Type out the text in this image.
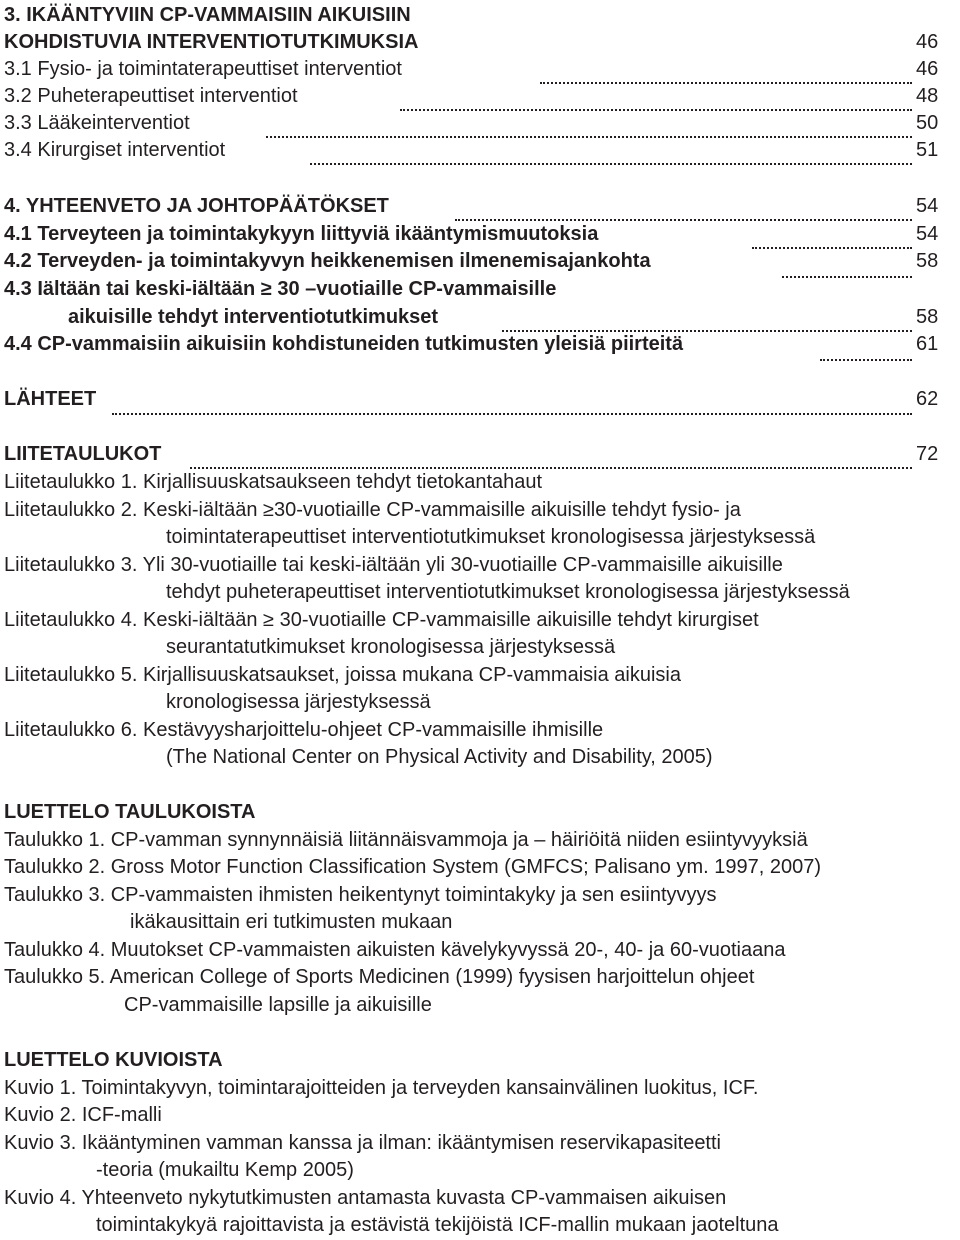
3. IKÄÄNTYVIIN CP-VAMMAISIIN AIKUISIIN
KOHDISTUVIA INTERVENTIOTUTKIMUKSIA	46
3.1 Fysio- ja toimintaterapeuttiset interventiot	46
3.2 Puheterapeuttiset interventiot	48
3.3 Lääkeinterventiot	50
3.4 Kirurgiset interventiot	51
4. YHTEENVETO JA JOHTOPÄÄTÖKSET	54
4.1 Terveyteen ja toimintakykyyn liittyviä ikääntymismuutoksia	54
4.2 Terveyden- ja toimintakyvyn heikkenemisen ilmenemisajankohta	58
4.3 Iältään tai keski-iältään ≥ 30 –vuotiaille CP-vammaisille
aikuisille tehdyt interventiotutkimukset	58
4.4 CP-vammaisiin aikuisiin kohdistuneiden tutkimusten yleisiä piirteitä	61
LÄHTEET	62
LIITETAULUKOT	72
Liitetaulukko 1. Kirjallisuuskatsaukseen tehdyt tietokantahaut
Liitetaulukko 2. Keski-iältään ≥30-vuotiaille CP-vammaisille aikuisille tehdyt fysio- ja
toimintaterapeuttiset interventiotutkimukset kronologisessa järjestyksessä
Liitetaulukko 3. Yli 30-vuotiaille tai keski-iältään yli 30-vuotiaille CP-vammaisille aikuisille
tehdyt puheterapeuttiset interventiotutkimukset kronologisessa järjestyksessä
Liitetaulukko 4. Keski-iältään ≥ 30-vuotiaille CP-vammaisille aikuisille tehdyt kirurgiset
seurantatutkimukset kronologisessa järjestyksessä
Liitetaulukko 5. Kirjallisuuskatsaukset, joissa mukana CP-vammaisia aikuisia
kronologisessa järjestyksessä
Liitetaulukko 6. Kestävyysharjoittelu-ohjeet CP-vammaisille ihmisille
(The National Center on Physical Activity and Disability, 2005)
LUETTELO TAULUKOISTA
Taulukko 1. CP-vamman synnynnäisiä liitännäisvammoja ja – häiriöitä niiden esiintyvyyksiä
Taulukko 2. Gross Motor Function Classification System (GMFCS; Palisano ym. 1997, 2007)
Taulukko 3. CP-vammaisten ihmisten heikentynyt toimintakyky ja sen esiintyvyys
ikäkausittain eri tutkimusten mukaan
Taulukko 4. Muutokset CP-vammaisten aikuisten kävelykyvyssä 20-, 40- ja 60-vuotiaana
Taulukko 5. American College of Sports Medicinen (1999) fyysisen harjoittelun ohjeet
CP-vammaisille lapsille ja aikuisille
LUETTELO KUVIOISTA
Kuvio 1. Toimintakyvyn, toimintarajoitteiden ja terveyden kansainvälinen luokitus, ICF.
Kuvio 2. ICF-malli
Kuvio 3. Ikääntyminen vamman kanssa ja ilman: ikääntymisen reservikapasiteetti
-teoria (mukailtu Kemp 2005)
Kuvio 4. Yhteenveto nykytutkimusten antamasta kuvasta CP-vammaisen aikuisen
toimintakykyä rajoittavista ja estävistä tekijöistä ICF-mallin mukaan jaoteltuna
